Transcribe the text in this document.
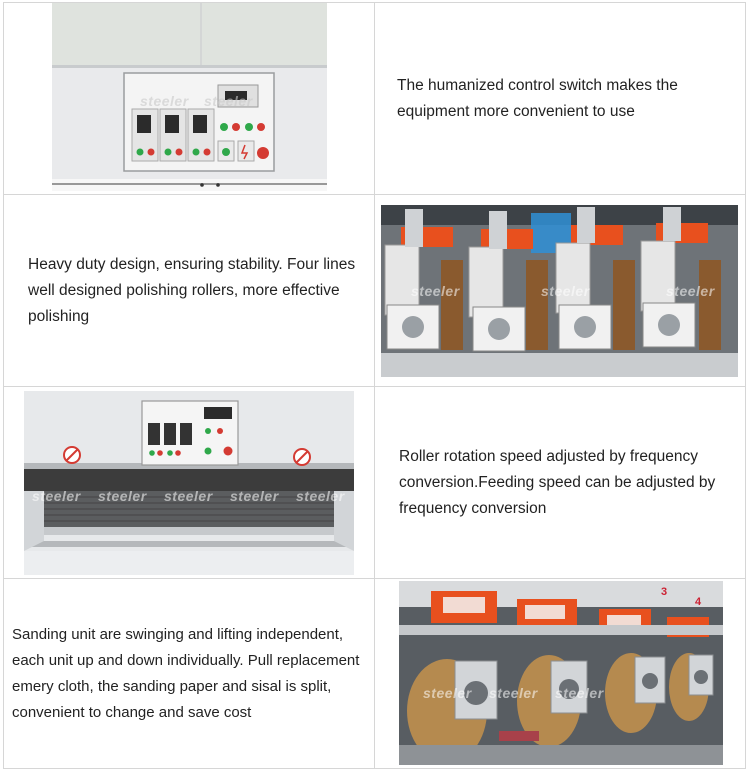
steeler steeler
The humanized control switch makes the equipment more convenient to use
Heavy duty design, ensuring stability. Four lines well designed polishing rollers, more effective polishing
steeler	steeler	steeler
steeler steeler steeler steeler steeler
Roller rotation speed adjusted by frequency conversion.Feeding speed can be adjusted by frequency conversion
Sanding unit are swinging and lifting independent, each unit up and down individually. Pull replacement emery cloth, the sanding paper and sisal is split, convenient to change and save cost
3
4
steeler steeler steeler
